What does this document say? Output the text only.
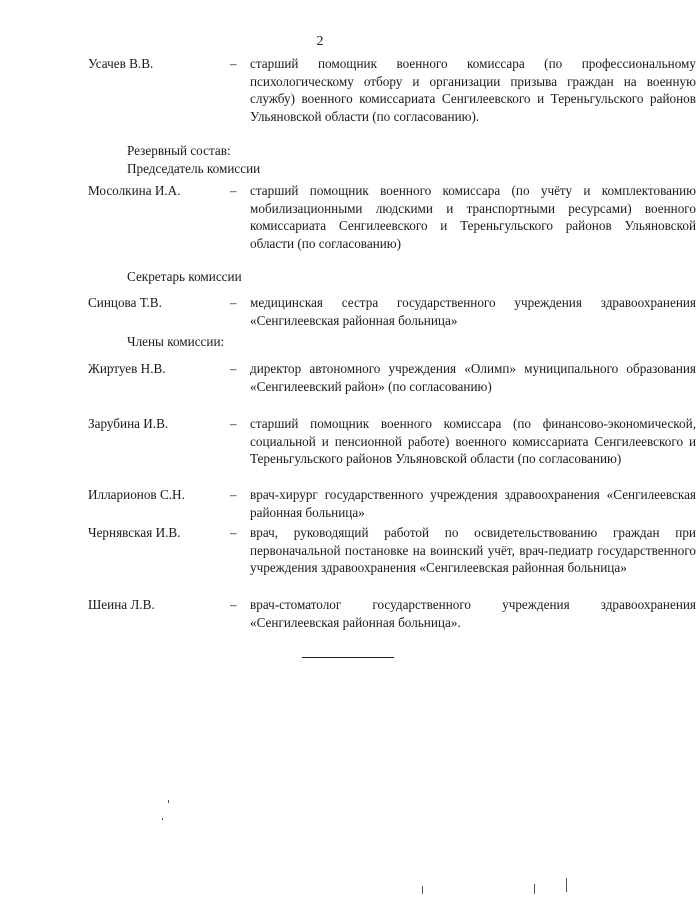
2
Усачев В.В.	– старший помощник военного комиссара (по профессиональному психологическому отбору и организации призыва граждан на военную службу) военного комиссариата Сенгилеевского и Тереньгульского районов Ульяновской области (по согласованию).
Резервный состав:
Председатель комиссии
Мосолкина И.А.	– старший помощник военного комиссара (по учёту и комплектованию мобилизационными людскими и транспортными ресурсами) военного комиссариата Сенгилеевского и Тереньгульского районов Ульяновской области (по согласованию)
Секретарь комиссии
Синцова Т.В.	– медицинская сестра государственного учреждения здравоохранения «Сенгилеевская районная больница»
Члены комиссии:
Жиртуев Н.В.	– директор автономного учреждения «Олимп» муниципального образования «Сенгилеевский район» (по согласованию)
Зарубина И.В.	– старший помощник военного комиссара (по финансово-экономической, социальной и пенсионной работе) военного комиссариата Сенгилеевского и Тереньгульского районов Ульяновской области (по согласованию)
Илларионов С.Н.	– врач-хирург государственного учреждения здравоохранения «Сенгилеевская районная больница»
Чернявская И.В.	– врач, руководящий работой по освидетельствованию граждан при первоначальной постановке на воинский учёт, врач-педиатр государственного учреждения здравоохранения «Сенгилеевская районная больница»
Шеина Л.В.	– врач-стоматолог государственного учреждения здравоохранения «Сенгилеевская районная больница».
